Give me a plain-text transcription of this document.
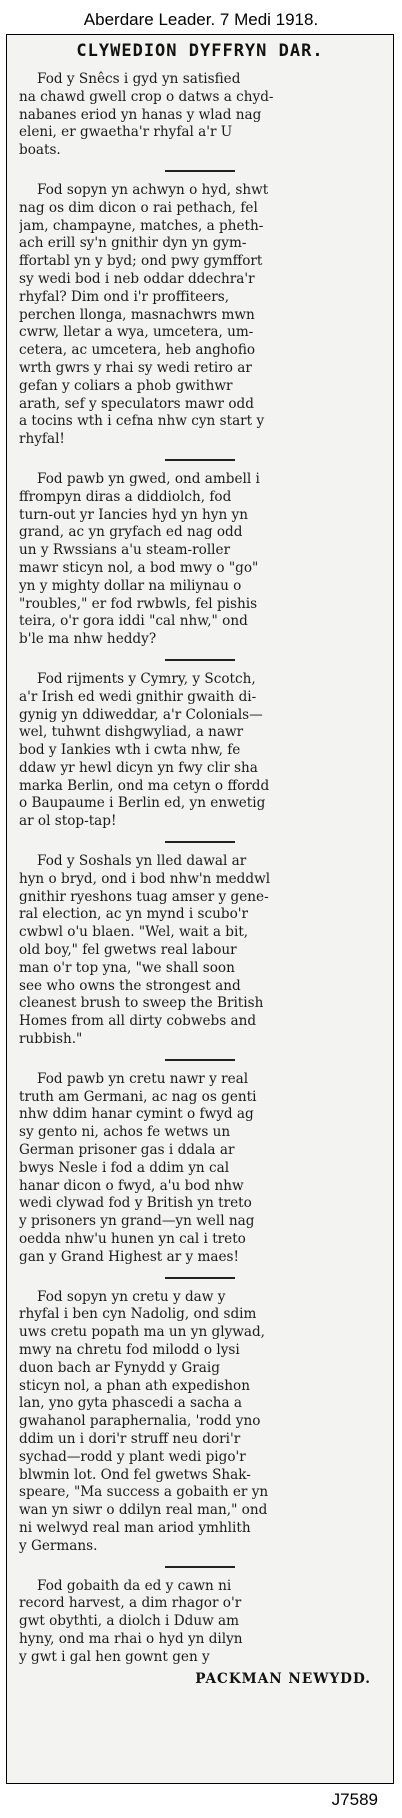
Aberdare Leader. 7 Medi 1918.
CLYWEDION DYFFRYN DAR.
Fod y Snêcs i gyd yn satisfied
na chawd gwell crop o datws a chyd-
nabanes eriod yn hanas y wlad nag
eleni, er gwaetha'r rhyfal a'r U
boats.
Fod sopyn yn achwyn o hyd, shwt
nag os dim dicon o rai pethach, fel
jam, champayne, matches, a pheth-
ach erill sy'n gnithir dyn yn gym-
ffortabl yn y byd; ond pwy gymffort
sy wedi bod i neb oddar ddechra'r
rhyfal? Dim ond i'r proffiteers,
perchen llonga, masnachwrs mwn
cwrw, lletar a wya, umcetera, um-
cetera, ac umcetera, heb anghofio
wrth gwrs y rhai sy wedi retiro ar
gefan y coliars a phob gwithwr
arath, sef y speculators mawr odd
a tocins wth i cefna nhw cyn start y
rhyfal!
Fod pawb yn gwed, ond ambell i
ffrompyn diras a diddiolch, fod
turn-out yr Iancies hyd yn hyn yn
grand, ac yn gryfach ed nag odd
un y Rwssians a'u steam-roller
mawr sticyn nol, a bod mwy o "go"
yn y mighty dollar na miliynau o
"roubles," er fod rwbwls, fel pishis
teira, o'r gora iddi "cal nhw," ond
b'le ma nhw heddy?
Fod rijments y Cymry, y Scotch,
a'r Irish ed wedi gnithir gwaith di-
gynig yn ddiweddar, a'r Colonials—
wel, tuhwnt dishgwyliad, a nawr
bod y Iankies wth i cwta nhw, fe
ddaw yr hewl dicyn yn fwy clir sha
marka Berlin, ond ma cetyn o ffordd
o Baupaume i Berlin ed, yn enwetig
ar ol stop-tap!
Fod y Soshals yn lled dawal ar
hyn o bryd, ond i bod nhw'n meddwl
gnithir ryeshons tuag amser y gene-
ral election, ac yn mynd i scubo'r
cwbwl o'u blaen. "Wel, wait a bit,
old boy," fel gwetws real labour
man o'r top yna, "we shall soon
see who owns the strongest and
cleanest brush to sweep the British
Homes from all dirty cobwebs and
rubbish."
Fod pawb yn cretu nawr y real
truth am Germani, ac nag os genti
nhw ddim hanar cymint o fwyd ag
sy gento ni, achos fe wetws un
German prisoner gas i ddala ar
bwys Nesle i fod a ddim yn cal
hanar dicon o fwyd, a'u bod nhw
wedi clywad fod y British yn treto
y prisoners yn grand—yn well nag
oedda nhw'u hunen yn cal i treto
gan y Grand Highest ar y maes!
Fod sopyn yn cretu y daw y
rhyfal i ben cyn Nadolig, ond sdim
uws cretu popath ma un yn glywad,
mwy na chretu fod milodd o lysi
duon bach ar Fynydd y Graig
sticyn nol, a phan ath expedishon
lan, yno gyta phascedi a sacha a
gwahanol paraphernalia, 'rodd yno
ddim un i dori'r struff neu dori'r
sychad—rodd y plant wedi pigo'r
blwmin lot. Ond fel gwetws Shak-
speare, "Ma success a gobaith er yn
wan yn siwr o ddilyn real man," ond
ni welwyd real man ariod ymhlith
y Germans.
Fod gobaith da ed y cawn ni
record harvest, a dim rhagor o'r
gwt obythti, a diolch i Dduw am
hyny, ond ma rhai o hyd yn dilyn
y gwt i gal hen gownt gen y
PACKMAN NEWYDD.
J7589
